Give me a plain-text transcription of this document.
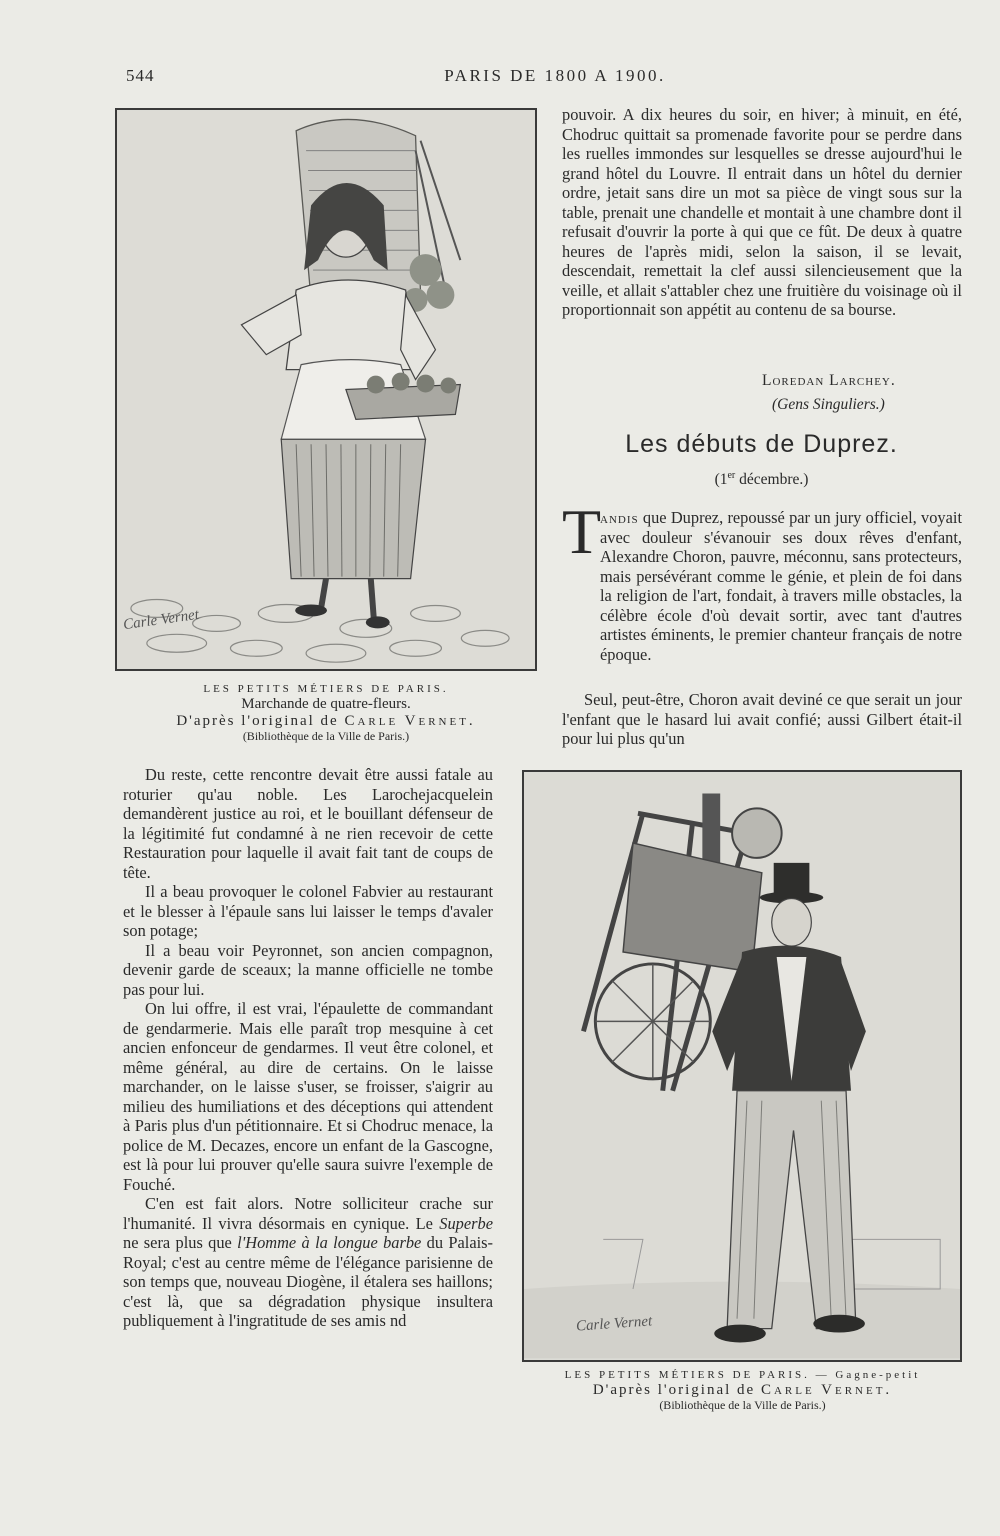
544	PARIS DE 1800 A 1900.
Carle Vernet
LES PETITS MÉTIERS DE PARIS.
Marchande de quatre-fleurs.
D'après l'original de Carle Vernet.
(Bibliothèque de la Ville de Paris.)

pouvoir. A dix heures du soir, en hiver; à minuit, en été, Chodruc quittait sa promenade favorite pour se perdre dans les ruelles immondes sur lesquelles se dresse aujourd'hui le grand hôtel du Louvre. Il entrait dans un hôtel du dernier ordre, jetait sans dire un mot sa pièce de vingt sous sur la table, prenait une chandelle et montait à une chambre dont il refusait d'ouvrir la porte à qui que ce fût. De deux à quatre heures de l'après midi, selon la saison, il se levait, descendait, remettait la clef aussi silencieusement que la veille, et allait s'attabler chez une fruitière du voisinage où il proportionnait son appétit au contenu de sa bourse.

Loredan Larchey.
(Gens Singuliers.)
Les débuts de Duprez.
(1er décembre.)
T

andis que Duprez, repoussé par un jury officiel, voyait avec douleur s'évanouir ses doux rêves d'enfant, Alexandre Choron, pauvre, méconnu, sans protecteurs, mais persévérant comme le génie, et plein de foi dans la religion de l'art, fondait, à travers mille obstacles, la célèbre école d'où devait sortir, avec tant d'autres artistes éminents, le premier chanteur français de notre époque.

Carle Vernet
LES PETITS MÉTIERS DE PARIS. — Gagne-petit
D'après l'original de Carle Vernet.
(Bibliothèque de la Ville de Paris.)

Seul, peut-être, Choron avait deviné ce que serait un jour l'enfant que le hasard lui avait confié; aussi Gilbert était-il pour lui plus qu'un

Du reste, cette rencontre devait être aussi fatale au roturier qu'au noble. Les Larochejacquelein demandèrent justice au roi, et le bouillant défenseur de la légitimité fut condamné à ne rien recevoir de cette Restauration pour laquelle il avait fait tant de coups de tête.

Il a beau provoquer le colonel Fabvier au restaurant et le blesser à l'épaule sans lui laisser le temps d'avaler son potage;

Il a beau voir Peyronnet, son ancien compagnon, devenir garde de sceaux; la manne officielle ne tombe pas pour lui.

On lui offre, il est vrai, l'épaulette de commandant de gendarmerie. Mais elle paraît trop mesquine à cet ancien enfonceur de gendarmes. Il veut être colonel, et même général, au dire de certains. On le laisse marchander, on le laisse s'user, se froisser, s'aigrir au milieu des humiliations et des déceptions qui attendent à Paris plus d'un pétitionnaire. Et si Chodruc menace, la police de M. Decazes, encore un enfant de la Gascogne, est là pour lui prouver qu'elle saura suivre l'exemple de Fouché.

C'en est fait alors. Notre solliciteur crache sur l'humanité. Il vivra désormais en cynique. Le Superbe ne sera plus que l'Homme à la longue barbe du Palais-Royal; c'est au centre même de l'élégance parisienne de son temps que, nouveau Diogène, il étalera ses haillons; c'est là, que sa dégradation physique insultera publiquement à l'ingratitude de ses amis nd
